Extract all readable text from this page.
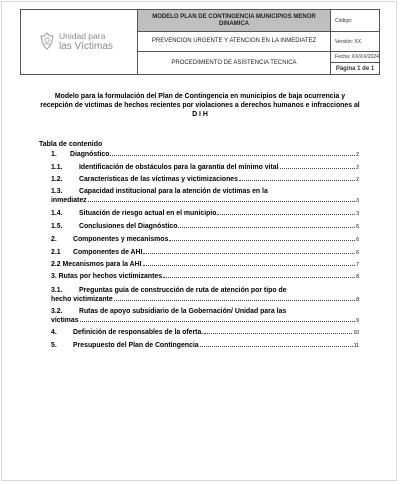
Unidad para
las Víctimas
MODELO PLAN DE CONTINGENCIA MUNICIPIOS MENOR DINAMICA
PREVENCION URGENTE Y ATENCION EN LA INMEDIATEZ
PROCEDIMIENTO DE ASISTENCIA TECNICA
Código:
Versión: XX
Fecha: XX/XX/2024
Página 1 de 1
Modelo para la formulación del Plan de Contingencia en municipios de baja ocurrencia y recepción de víctimas de hechos recientes por violaciones a derechos humanos e infracciones al D I H
Tabla de contenido
1.	Diagnóstico	2
1.1.	Identificación de obstáculos para la garantía del mínimo vital	2
1.2.	Características de las víctimas y victimizaciones	2
1.3.	Capacidad institucional para la atención de víctimas en la
inmediatez	3
1.4.	Situación de riesgo actual en el municipio	3
1.5.	Conclusiones del Diagnóstico	6
2.	Componentes y mecanismos	6
2.1	Componentes de AHI	6
2.2 Mecanismos para la AHI	7
3. Rutas por hechos victimizantes	8
3.1.	Preguntas guía de construcción de ruta de atención por tipo de
hecho victimizante	8
3.2.	Rutas de apoyo subsidiario de la Gobernación/ Unidad para las
víctimas	9
4.	Definición de responsables de la oferta.	10
5.	Presupuesto del Plan de Contingencia	11
